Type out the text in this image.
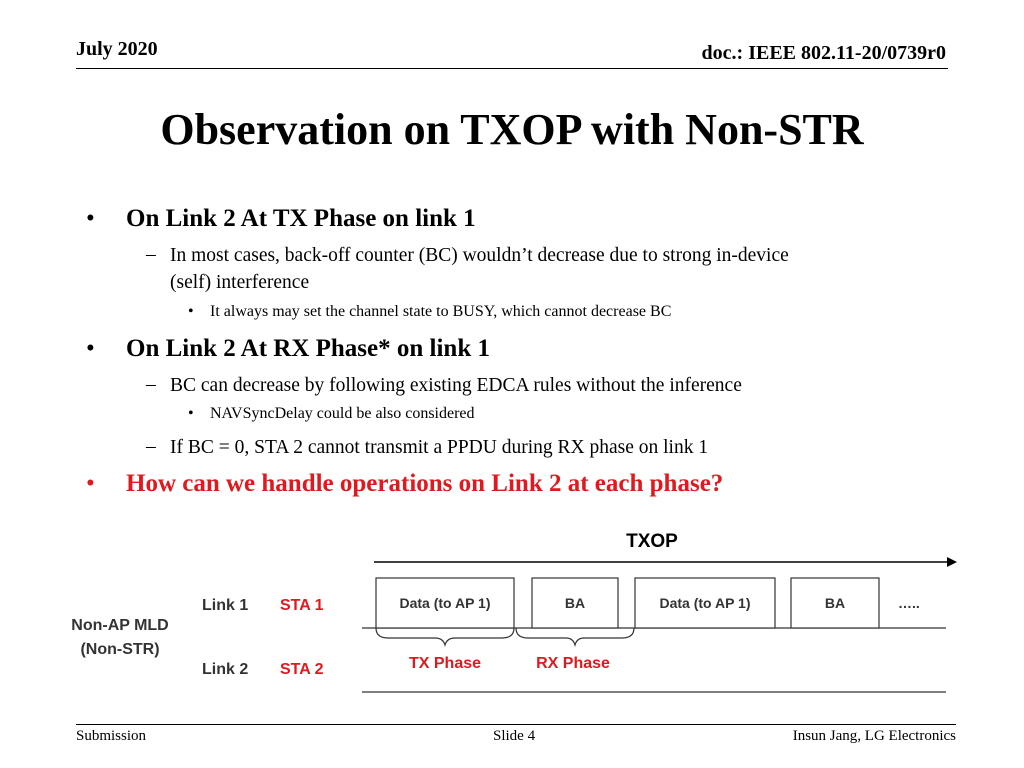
July 2020	doc.: IEEE 802.11-20/0739r0
Observation on TXOP with Non-STR
• On Link 2 At TX Phase on link 1
– In most cases, back-off counter (BC) wouldn’t decrease due to strong in-device
(self) interference
• It always may set the channel state to BUSY, which cannot decrease BC
• On Link 2 At RX Phase* on link 1
– BC can decrease by following existing EDCA rules without the inference
• NAVSyncDelay could be also considered
– If BC = 0, STA 2 cannot transmit a PPDU during RX phase on link 1
• How can we handle operations on Link 2 at each phase?
TXOP
Non-AP MLD
(Non-STR)
Link 1 STA 1
Link 2 STA 2
Data (to AP 1)	BA	Data (to AP 1)	BA	…..
TX Phase	RX Phase
Submission	Slide 4	Insun Jang, LG Electronics
